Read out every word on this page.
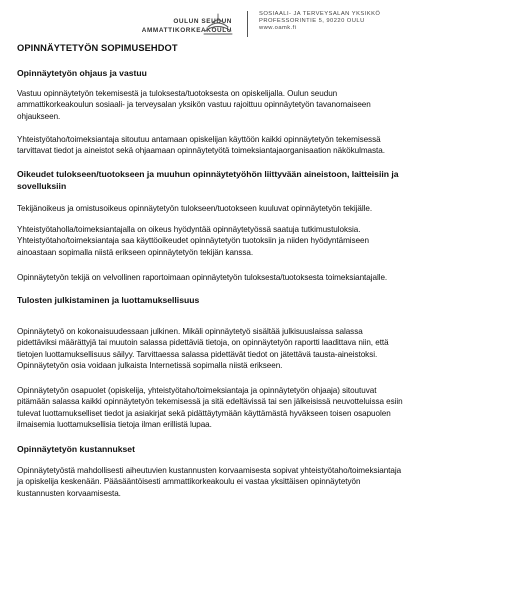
OULUN SEUDUN
AMMATTIKORKEAKOULU
SOSIAALI- JA TERVEYSALAN YKSIKKÖ
PROFESSORINTIE 5, 90220 OULU
www.oamk.fi
OPINNÄYTETYÖN SOPIMUSEHDOT
Opinnäytetyön ohjaus ja vastuu

Vastuu opinnäytetyön tekemisestä ja tuloksesta/tuotoksesta on opiskelijalla. Oulun seudun
ammattikorkeakoulun sosiaali- ja terveysalan yksikön vastuu rajoittuu opinnäytetyön tavanomaiseen
ohjaukseen.

Yhteistyötaho/toimeksiantaja sitoutuu antamaan opiskelijan käyttöön kaikki opinnäytetyön tekemisessä
tarvittavat tiedot ja aineistot sekä ohjaamaan opinnäytetyötä toimeksiantajaorganisaation näkökulmasta.

Oikeudet tulokseen/tuotokseen ja muuhun opinnäytetyöhön liittyvään aineistoon, laitteisiin ja
sovelluksiin

Tekijänoikeus ja omistusoikeus opinnäytetyön tulokseen/tuotokseen kuuluvat opinnäytetyön tekijälle.

Yhteistyötaholla/toimeksiantajalla on oikeus hyödyntää opinnäytetyössä saatuja tutkimustuloksia.
Yhteistyötaho/toimeksiantaja saa käyttöoikeudet opinnäytetyön tuotoksiin ja niiden hyödyntämiseen
ainoastaan sopimalla niistä erikseen opinnäytetyön tekijän kanssa.

Opinnäytetyön tekijä on velvollinen raportoimaan opinnäytetyön tuloksesta/tuotoksesta toimeksiantajalle.

Tulosten julkistaminen ja luottamuksellisuus

Opinnäytetyö on kokonaisuudessaan julkinen. Mikäli opinnäytetyö sisältää julkisuuslaissa salassa
pidettäviksi määrättyjä tai muutoin salassa pidettäviä tietoja, on opinnäytetyön raportti laadittava niin, että
tietojen luottamuksellisuus säilyy. Tarvittaessa salassa pidettävät tiedot on jätettävä tausta-aineistoksi.
Opinnäytetyön osia voidaan julkaista Internetissä sopimalla niistä erikseen.

Opinnäytetyön osapuolet (opiskelija, yhteistyötaho/toimeksiantaja ja opinnäytetyön ohjaaja) sitoutuvat
pitämään salassa kaikki opinnäytetyön tekemisessä ja sitä edeltävissä tai sen jälkeisissä neuvotteluissa esiin
tulevat luottamukselliset tiedot ja asiakirjat sekä pidättäytymään käyttämästä hyväkseen toisen osapuolen
ilmaisemia luottamuksellisia tietoja ilman erillistä lupaa.

Opinnäytetyön kustannukset

Opinnäytetyöstä mahdollisesti aiheutuvien kustannusten korvaamisesta sopivat yhteistyötaho/toimeksiantaja
ja opiskelija keskenään. Pääsääntöisesti ammattikorkeakoulu ei vastaa yksittäisen opinnäytetyön
kustannusten korvaamisesta.
